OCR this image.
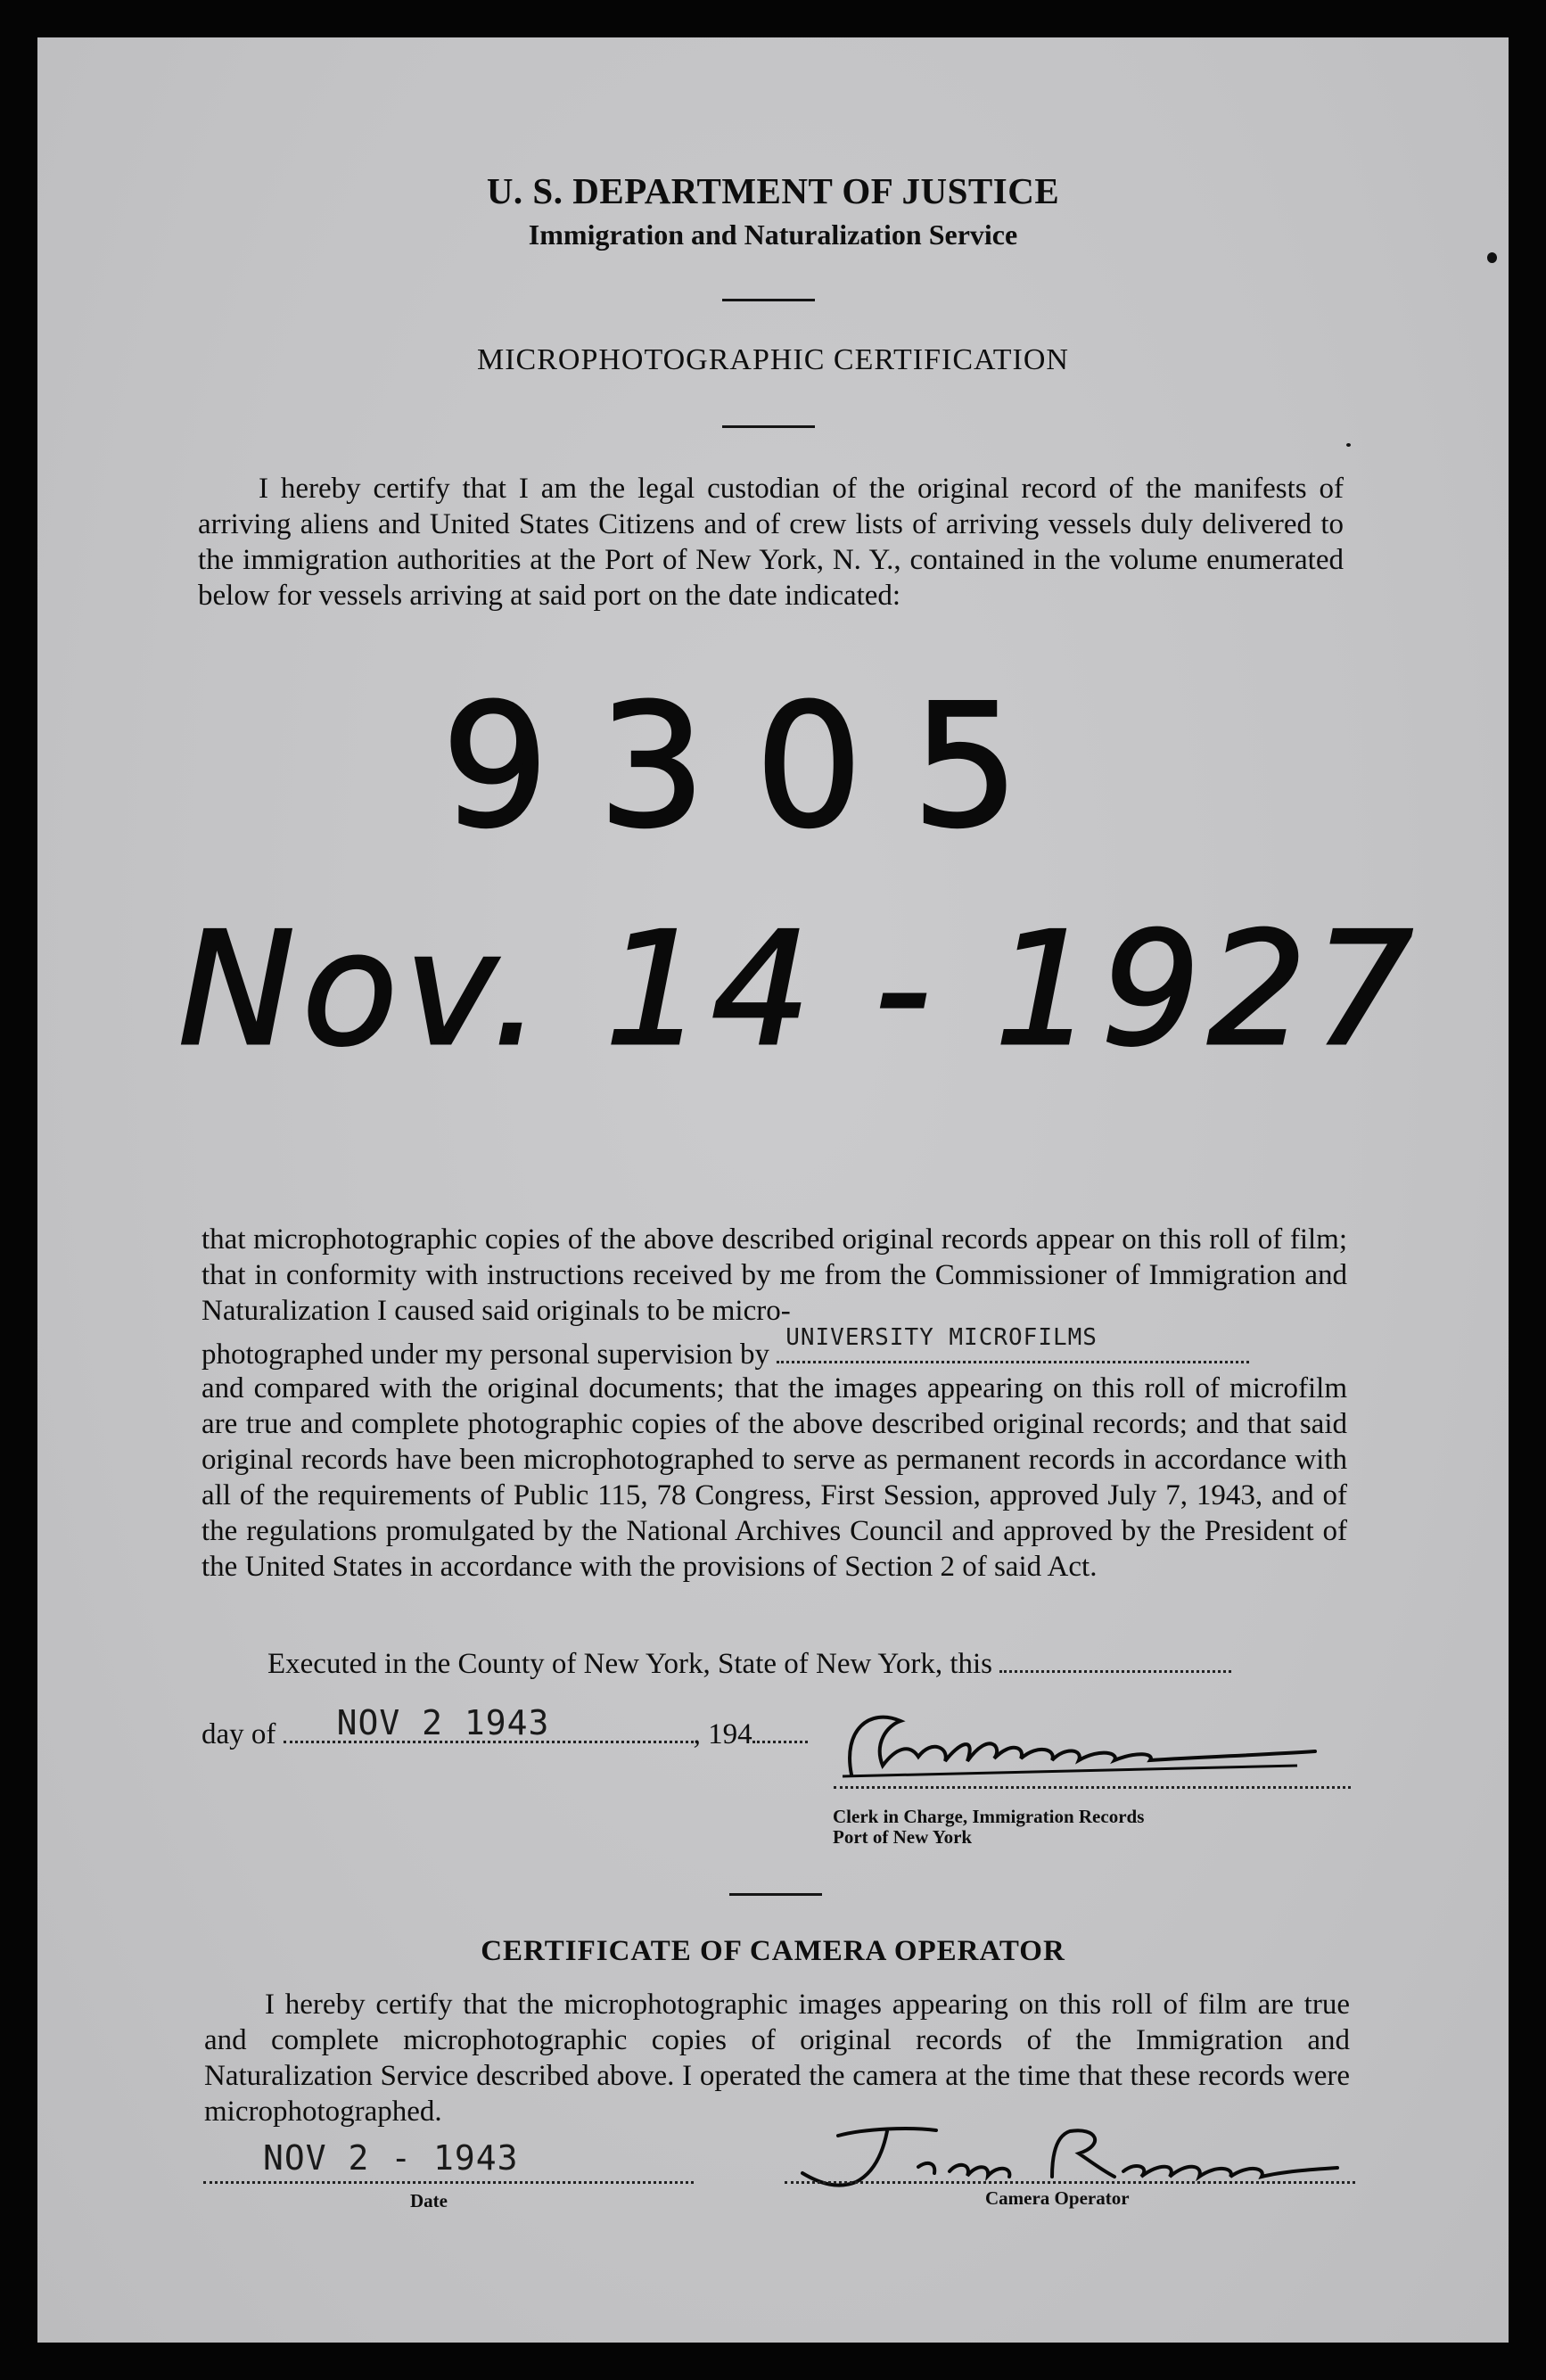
U. S. DEPARTMENT OF JUSTICE
Immigration and Naturalization Service
MICROPHOTOGRAPHIC CERTIFICATION

I hereby certify that I am the legal custodian of the original record of the manifests of arriving aliens and United States Citizens and of crew lists of arriving vessels duly delivered to the immigration authorities at the Port of New York, N. Y., contained in the volume enumerated below for vessels arriving at said port on the date indicated:

9305
Nov. 14 - 1927

that microphotographic copies of the above described original records appear on this roll of film; that in conformity with instructions received by me from the Commissioner of Immigration and Naturalization I caused said originals to be micro-

photographed under my personal supervision by
UNIVERSITY MICROFILMS

and compared with the original documents; that the images appearing on this roll of microfilm are true and complete photographic copies of the above described original records; and that said original records have been microphotographed to serve as permanent records in accordance with all of the requirements of Public 115, 78 Congress, First Session, approved July 7, 1943, and of the regulations promulgated by the National Archives Council and approved by the President of the United States in accordance with the provisions of Section 2 of said Act.

Executed in the County of New York, State of New York, this
day of NOV 2 1943	, 194
Clerk in Charge, Immigration Records
Port of New York
CERTIFICATE OF CAMERA OPERATOR

I hereby certify that the microphotographic images appearing on this roll of film are true and complete microphotographic copies of original records of the Immigration and Naturalization Service described above. I operated the camera at the time that these records were microphotographed.

NOV 2 - 1943
Date	Camera Operator
